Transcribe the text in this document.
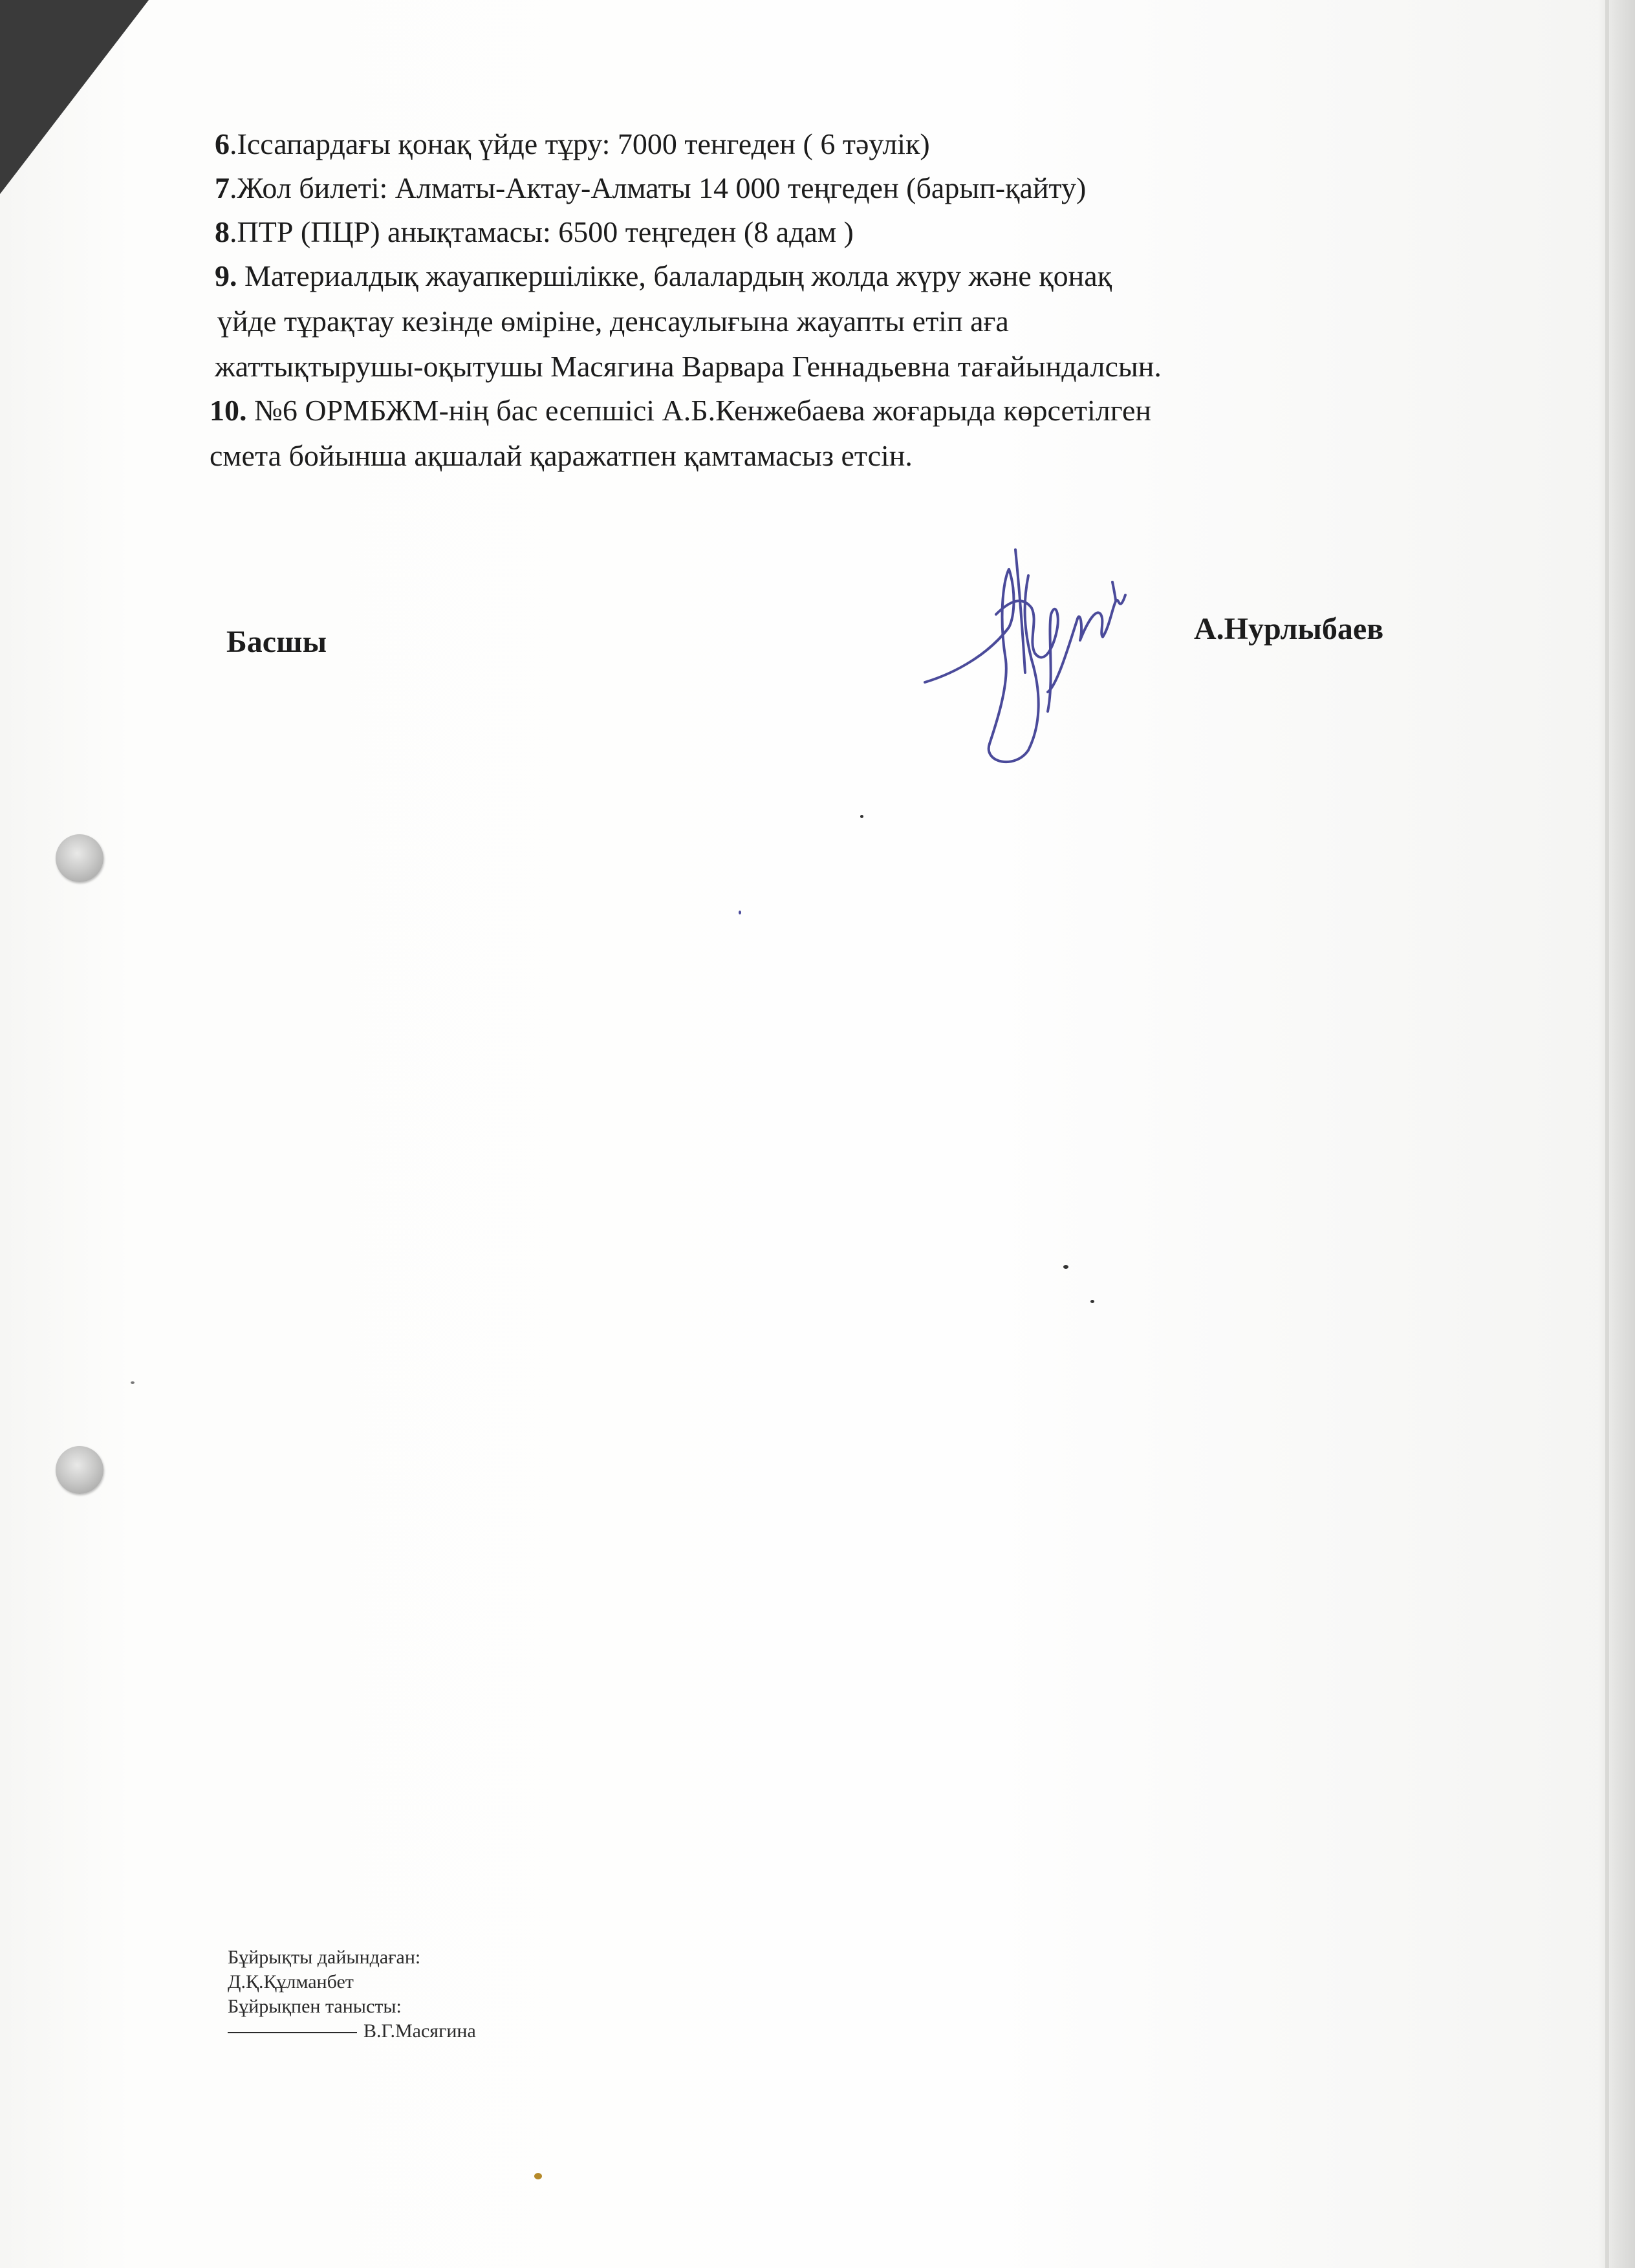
6.Іссапардағы қонақ үйде тұру: 7000 тенгеден ( 6 тәулік)

7.Жол билеті: Алматы-Актау-Алматы 14 000 теңгеден (барып-қайту)

8.ПТР (ПЦР) анықтамасы: 6500 теңгеден (8 адам )

9. Материалдық жауапкершілікке, балалардың жолда жүру және қонақ
үйде тұрақтау кезінде өміріне, денсаулығына жауапты етіп аға
жаттықтырушы-оқытушы Масягина Варвара Геннадьевна тағайындалсын.
10. №6 ОРМБЖМ-нің бас есепшісі А.Б.Кенжебаева жоғарыда көрсетілген
смета бойынша ақшалай қаражатпен қамтамасыз етсін.
Басшы	А.Нурлыбаев
Бұйрықты дайындаған:
Д.Қ.Құлманбет
Бұйрықпен танысты:
В.Г.Масягина
